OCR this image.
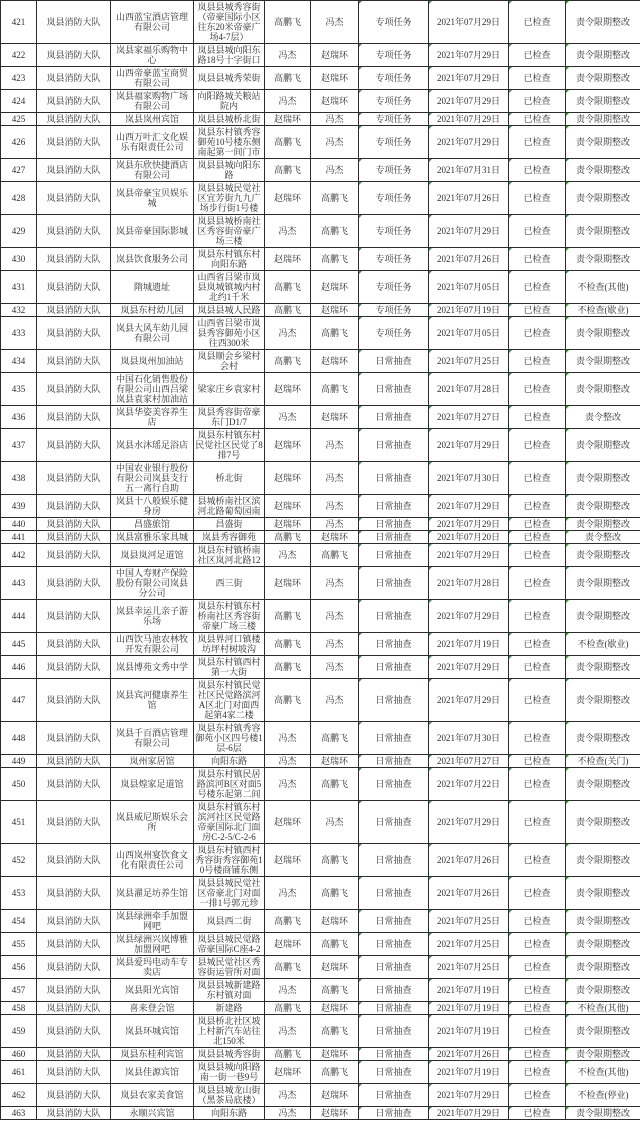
421	岚县消防大队	山西蓝宝酒店管理有限公司	岚县县城秀容街（帝豪国际小区往东20米帝豪广场4-7层）	高鹏飞	冯杰	专项任务	2021年07月29日	已检查	责令限期整改
422	岚县消防大队	岚县家福乐购物中心	岚县县城向阳东路18号十字街口	冯杰	赵瑞环	专项任务	2021年07月29日	已检查	责令限期整改
423	岚县消防大队	山西帝豪蓝宝商贸有限公司	岚县县城秀荣街	高鹏飞	赵瑞环	专项任务	2021年07月29日	已检查	责令限期整改
424	岚县消防大队	岚县福家购物广场有限公司	向阳路城关粮站院内	冯杰	赵瑞环	专项任务	2021年07月29日	已检查	责令限期整改
425	岚县消防大队	岚县岚州宾馆	岚县县城桥北街	赵瑞环	冯杰	专项任务	2021年07月29日	已检查	责令限期整改
426	岚县消防大队	山西万叶汇文化娱乐有限责任公司	岚县东村镇秀容御苑10号楼东侧南起第一间门市	高鹏飞	冯杰	专项任务	2021年07月29日	已检查	责令限期整改
427	岚县消防大队	岚县东欣快捷酒店有限公司	岚县县城向阳东路	高鹏飞	冯杰	专项任务	2021年07月31日	已检查	责令限期整改
428	岚县消防大队	岚县帝豪宝贝娱乐城	岚县县城民觉社区宜芳街九九广场步行街1号楼	赵瑞环	高鹏飞	专项任务	2021年07月26日	已检查	责令限期整改
429	岚县消防大队	岚县帝豪国际影城	岚县县城桥南社区秀容街帝豪广场三楼	冯杰	高鹏飞	专项任务	2021年07月29日	已检查	责令限期整改
430	岚县消防大队	岚县饮食服务公司	岚县东村镇东村向阳东路	赵瑞环	高鹏飞	专项任务	2021年07月26日	已检查	责令限期整改
431	岚县消防大队	隋城遗址	山西省吕梁市岚县岚城镇城内村北约1千米	高鹏飞	赵瑞环	专项任务	2021年07月05日	已检查	不检查(其他)
432	岚县消防大队	岚县东村幼儿园	岚县县城人民路	高鹏飞	赵瑞环	专项任务	2021年07月19日	已检查	不检查(歇业)
433	岚县消防大队	岚县大风车幼儿园有限公司	山西省吕梁市岚县秀容御苑小区往西300米	冯杰	高鹏飞	专项任务	2021年07月05日	已检查	责令限期整改
434	岚县消防大队	岚县岚州加油站	岚县顺会乡梁村会村	高鹏飞	赵瑞环	日常抽查	2021年07月25日	已检查	责令限期整改
435	岚县消防大队	中国石化销售股份有限公司山西吕梁岚县袁家村加油站	梁家庄乡袁家村	赵瑞环	高鹏飞	日常抽查	2021年07月28日	已检查	责令限期整改
436	岚县消防大队	岚县华姿美容养生店	岚县秀容街帝豪东门D1/7	冯杰	赵瑞环	日常抽查	2021年07月27日	已检查	责令整改
437	岚县消防大队	岚县水沐瑶足浴店	岚县东村镇东村民觉社区民觉了8排7号	赵瑞环	冯杰	日常抽查	2021年07月29日	已检查	责令限期整改
438	岚县消防大队	中国农业银行股份有限公司岚县支行五一离行自助	桥北街	赵瑞环	冯杰	日常抽查	2021年07月30日	已检查	责令限期整改
439	岚县消防大队	岚县十八般娱乐健身房	县城桥南社区滨河北路葡萄园南	赵瑞环	冯杰	日常抽查	2021年07月29日	已检查	责令限期整改
440	岚县消防大队	昌盛旅馆	昌盛街	赵瑞环	冯杰	日常抽查	2021年07月29日	已检查	责令限期整改
441	岚县消防大队	岚县富雅乐家具城	岚县秀容御苑	高鹏飞	赵瑞环	日常抽查	2021年07月20日	已检查	责令整改
442	岚县消防大队	岚县岚河足道馆	岚县东村镇桥南社区岚河北路12	冯杰	高鹏飞	日常抽查	2021年07月29日	已检查	责令限期整改
443	岚县消防大队	中国人寿财产保险股份有限公司岚县分公司	西三街	赵瑞环	冯杰	日常抽查	2021年07月28日	已检查	责令限期整改
444	岚县消防大队	岚县幸运儿亲子游乐场	岚县东村镇东村桥南社区秀容街帝豪广场三楼	高鹏飞	冯杰	日常抽查	2021年07月29日	已检查	责令限期整改
445	岚县消防大队	山西饮马池农林牧开发有限公司	岚县界河口镇楼坊坪村树坡沟	高鹏飞	冯杰	日常抽查	2021年07月19日	已检查	不检查(歇业)
446	岚县消防大队	岚县博苑文秀中学	岚县东村镇西村第一大街	高鹏飞	冯杰	日常抽查	2021年07月29日	已检查	责令限期整改
447	岚县消防大队	岚县宾河健康养生馆	岚县东村镇民觉社区民觉路滨河A区北门对面西起第4家二楼	高鹏飞	冯杰	日常抽查	2021年07月29日	已检查	责令限期整改
448	岚县消防大队	岚县千百酒店管理有限公司	岚县东村镇秀容御苑小区四号楼1层-6层	冯杰	高鹏飞	日常抽查	2021年07月30日	已检查	责令限期整改
449	岚县消防大队	岚州家居馆	向阳东路	冯杰	赵瑞环	日常抽查	2021年07月27日	已检查	不检查(关门)
450	岚县消防大队	岚县煌家足道馆	岚县东村镇民居路滨河B区对面5号楼东起第二间	冯杰	高鹏飞	日常抽查	2021年07月22日	已检查	责令限期整改
451	岚县消防大队	岚县威尼斯娱乐会所	岚县东村镇东村滨河社区民觉路帝豪国际北门面房C-2-5/C-2-6	赵瑞环	冯杰	日常抽查	2021年07月29日	已检查	责令限期整改
452	岚县消防大队	山西岚州宴饮食文化有限责任公司	岚县东村镇西村秀容街秀容御苑10号楼商铺东侧	赵瑞环	高鹏飞	日常抽查	2021年07月26日	已检查	责令限期整改
453	岚县消防大队	岚县濯足坊养生馆	岚县县城民觉社区帝豪北门对面一排1号郭元珍	冯杰	高鹏飞	日常抽查	2021年07月26日	已检查	责令限期整改
454	岚县消防大队	岚县绿洲牵手加盟网吧	岚县西二街	高鹏飞	赵瑞环	日常抽查	2021年07月25日	已检查	责令限期整改
455	岚县消防大队	岚县绿洲兴岚博雅加盟网吧	岚县县城民觉路帝豪国际C座4-2	赵瑞环	高鹏飞	日常抽查	2021年07月25日	已检查	责令限期整改
456	岚县消防大队	岚县爱玛电动车专卖店	县城民觉社区秀容街运管所对面	高鹏飞	赵瑞环	日常抽查	2021年07月25日	已检查	责令限期整改
457	岚县消防大队	岚县阳光宾馆	岚县县城新建路东村镇对面	冯杰	高鹏飞	日常抽查	2021年07月19日	已检查	责令限期整改
458	岚县消防大队	喜来登会馆	新建路	高鹏飞	赵瑞环	日常抽查	2021年07月19日	已检查	不检查(其他)
459	岚县消防大队	岚县环城宾馆	岚县桥北社区坡上村新汽车站往北150米	冯杰	高鹏飞	日常抽查	2021年07月19日	已检查	责令限期整改
460	岚县消防大队	岚县东桂利宾馆	岚县县城秀容街	高鹏飞	赵瑞环	日常抽查	2021年07月26日	已检查	责令限期整改
461	岚县消防大队	岚县佳源宾馆	岚县县城向阳路南一街一巷9号	赵瑞环	高鹏飞	日常抽查	2021年07月19日	已检查	不检查(其他)
462	岚县消防大队	岚县农家美食馆	岚县县城龙山街（黑茶局底楼）	冯杰	赵瑞环	日常抽查	2021年07月29日	已检查	不检查(停业)
463	岚县消防大队	永顺兴宾馆	向阳东路	冯杰	赵瑞环	日常抽查	2021年07月29日	已检查	责令限期整改
